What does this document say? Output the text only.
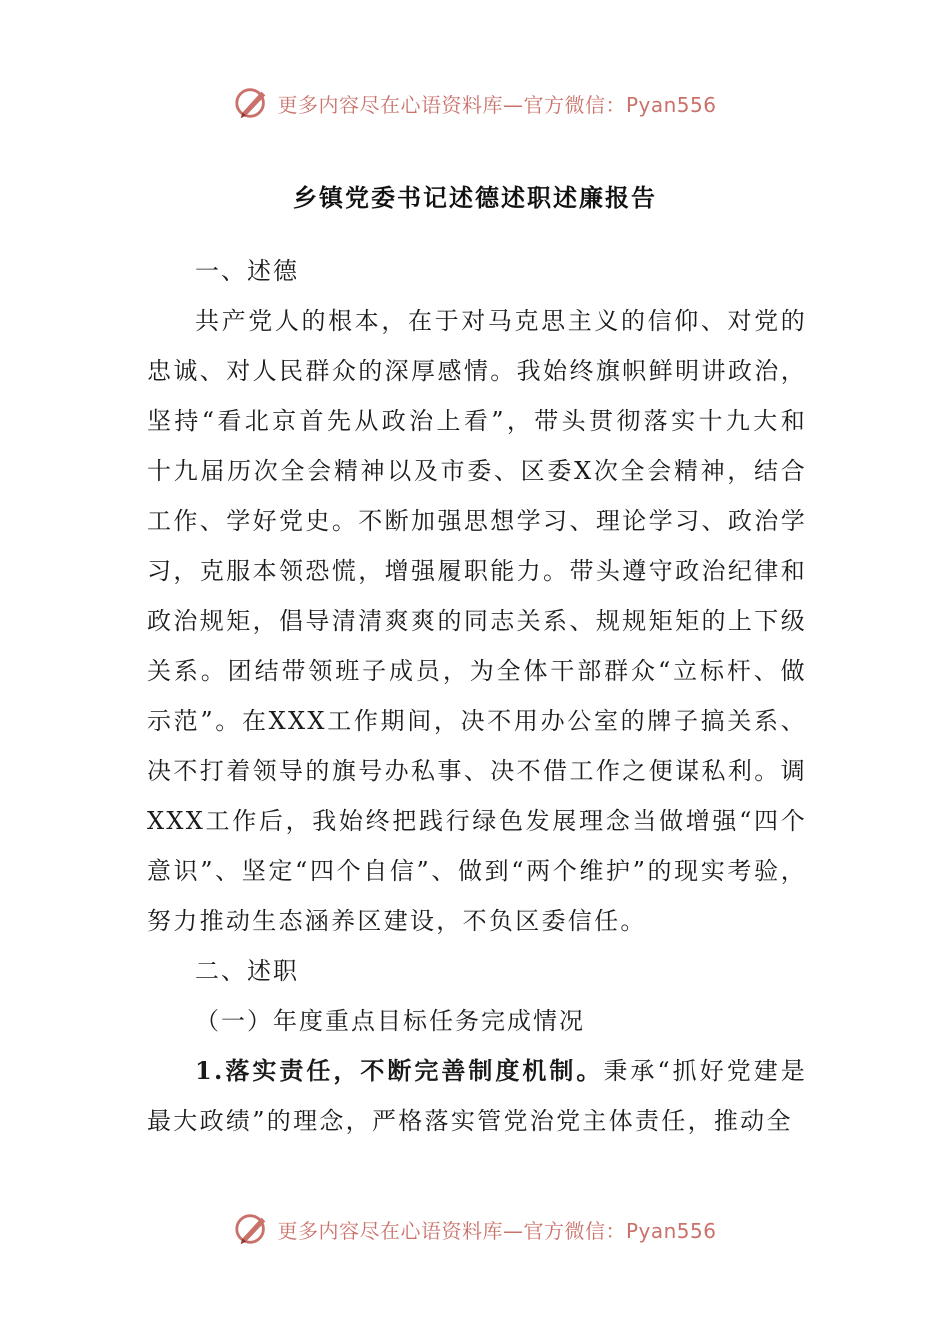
更多内容尽在心语资料库—官方微信：Pyan556
乡镇党委书记述德述职述廉报告

一、述德

共产党人的根本，在于对马克思主义的信仰、对党的忠诚、对人民群众的深厚感情。我始终旗帜鲜明讲政治，坚持“看北京首先从政治上看”，带头贯彻落实十九大和十九届历次全会精神以及市委、区委X次全会精神，结合工作、学好党史。不断加强思想学习、理论学习、政治学习，克服本领恐慌，增强履职能力。带头遵守政治纪律和政治规矩，倡导清清爽爽的同志关系、规规矩矩的上下级关系。团结带领班子成员，为全体干部群众“立标杆、做示范”。在XXX工作期间，决不用办公室的牌子搞关系、决不打着领导的旗号办私事、决不借工作之便谋私利。调XXX工作后，我始终把践行绿色发展理念当做增强“四个意识”、坚定“四个自信”、做到“两个维护”的现实考验，努力推动生态涵养区建设，不负区委信任。

二、述职

（一）年度重点目标任务完成情况

1.落实责任，不断完善制度机制。秉承“抓好党建是最大政绩”的理念，严格落实管党治党主体责任，推动全

更多内容尽在心语资料库—官方微信：Pyan556
